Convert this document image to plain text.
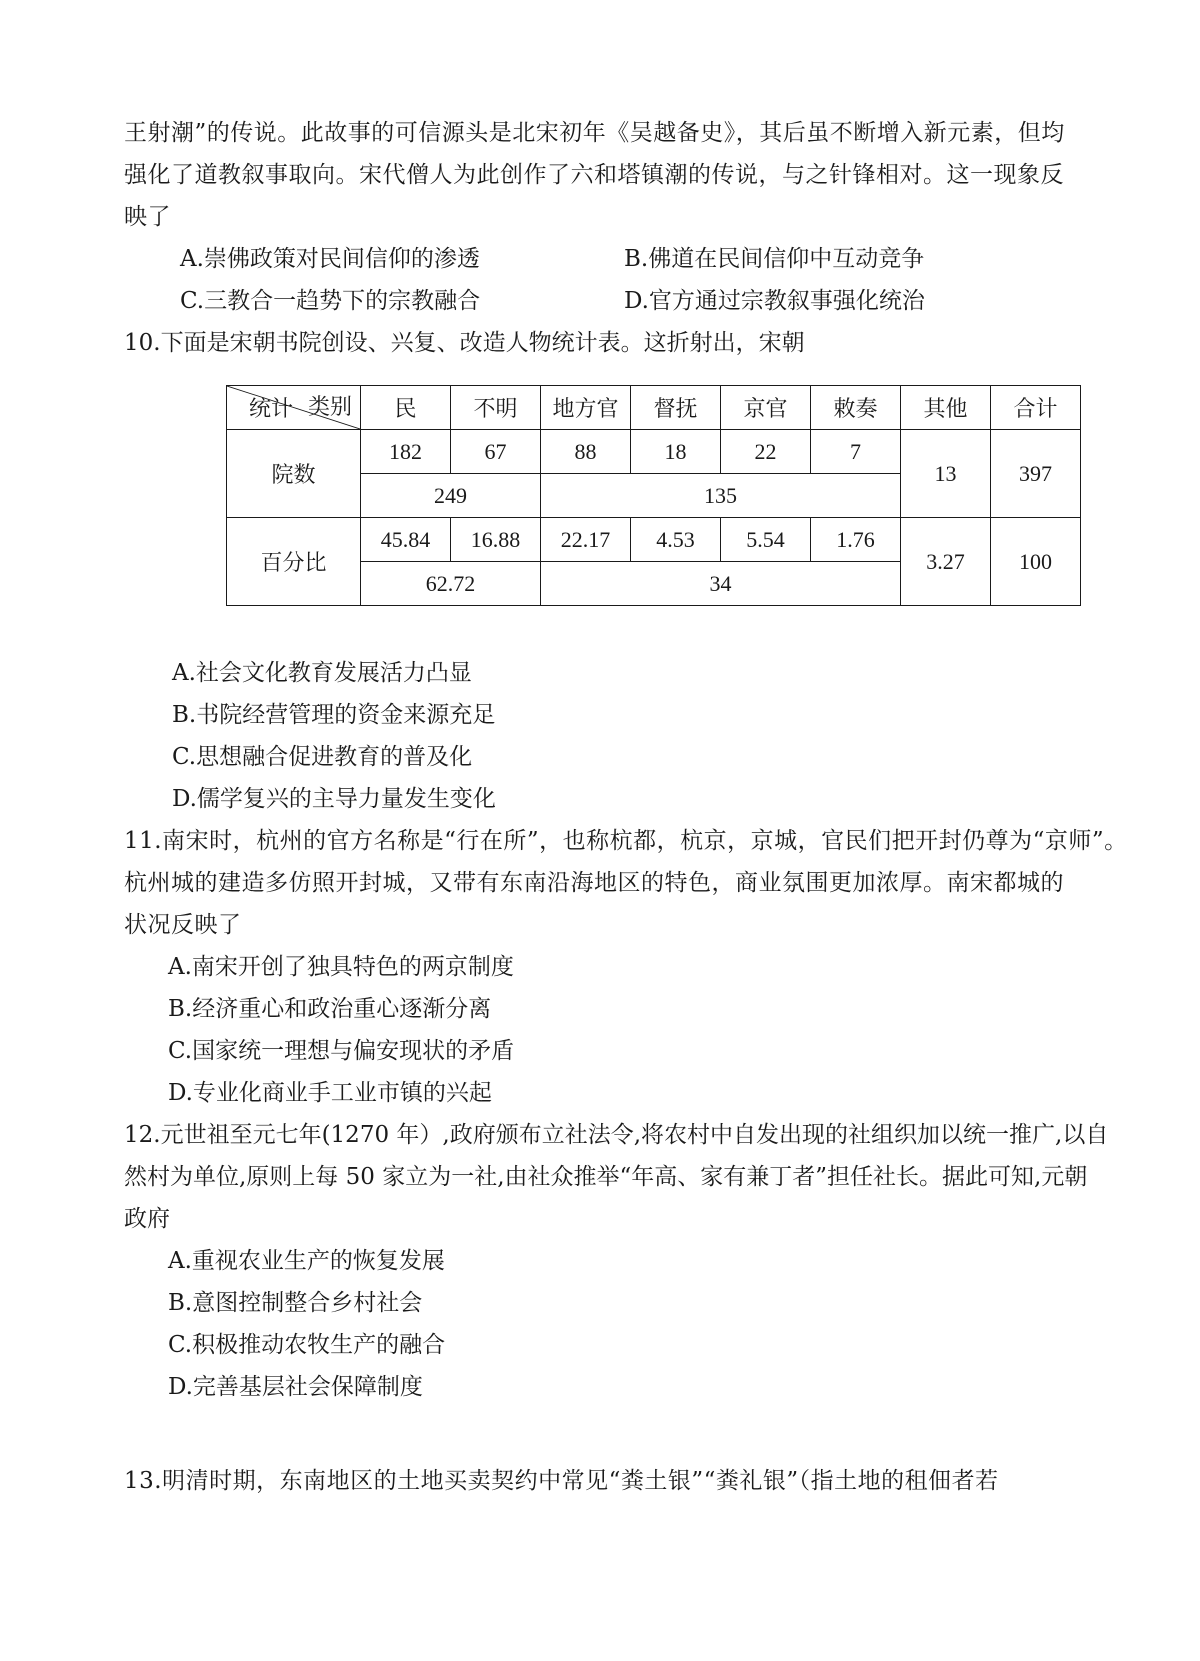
王射潮”的传说。此故事的可信源头是北宋初年《吴越备史》，其后虽不断增入新元素，但均
强化了道教叙事取向。宋代僧人为此创作了六和塔镇潮的传说，与之针锋相对。这一现象反
映了
A.崇佛政策对民间信仰的渗透	B.佛道在民间信仰中互动竞争
C.三教合一趋势下的宗教融合	D.官方通过宗教叙事强化统治
10.下面是宋朝书院创设、兴复、改造人物统计表。这折射出，宋朝
类别
统计	民	不明	地方官	督抚	京官	敕奏	其他	合计
院数	182	67	88	18	22	7	13	397
	249		135					
百分比	45.84	16.88	22.17	4.53	5.54	1.76	3.27	100
	62.72		34					
A.社会文化教育发展活力凸显
B.书院经营管理的资金来源充足
C.思想融合促进教育的普及化
D.儒学复兴的主导力量发生变化
11.南宋时，杭州的官方名称是“行在所”，也称杭都，杭京，京城，官民们把开封仍尊为“京师”。
杭州城的建造多仿照开封城，又带有东南沿海地区的特色，商业氛围更加浓厚。南宋都城的
状况反映了
A.南宋开创了独具特色的两京制度
B.经济重心和政治重心逐渐分离
C.国家统一理想与偏安现状的矛盾
D.专业化商业手工业市镇的兴起
12.元世祖至元七年(1270 年）,政府颁布立社法令,将农村中自发出现的社组织加以统一推广,以自
然村为单位,原则上每 50 家立为一社,由社众推举“年高、家有兼丁者”担任社长。据此可知,元朝
政府
A.重视农业生产的恢复发展
B.意图控制整合乡村社会
C.积极推动农牧生产的融合
D.完善基层社会保障制度
13.明清时期，东南地区的土地买卖契约中常见“粪土银”“粪礼银”（指土地的租佃者若
